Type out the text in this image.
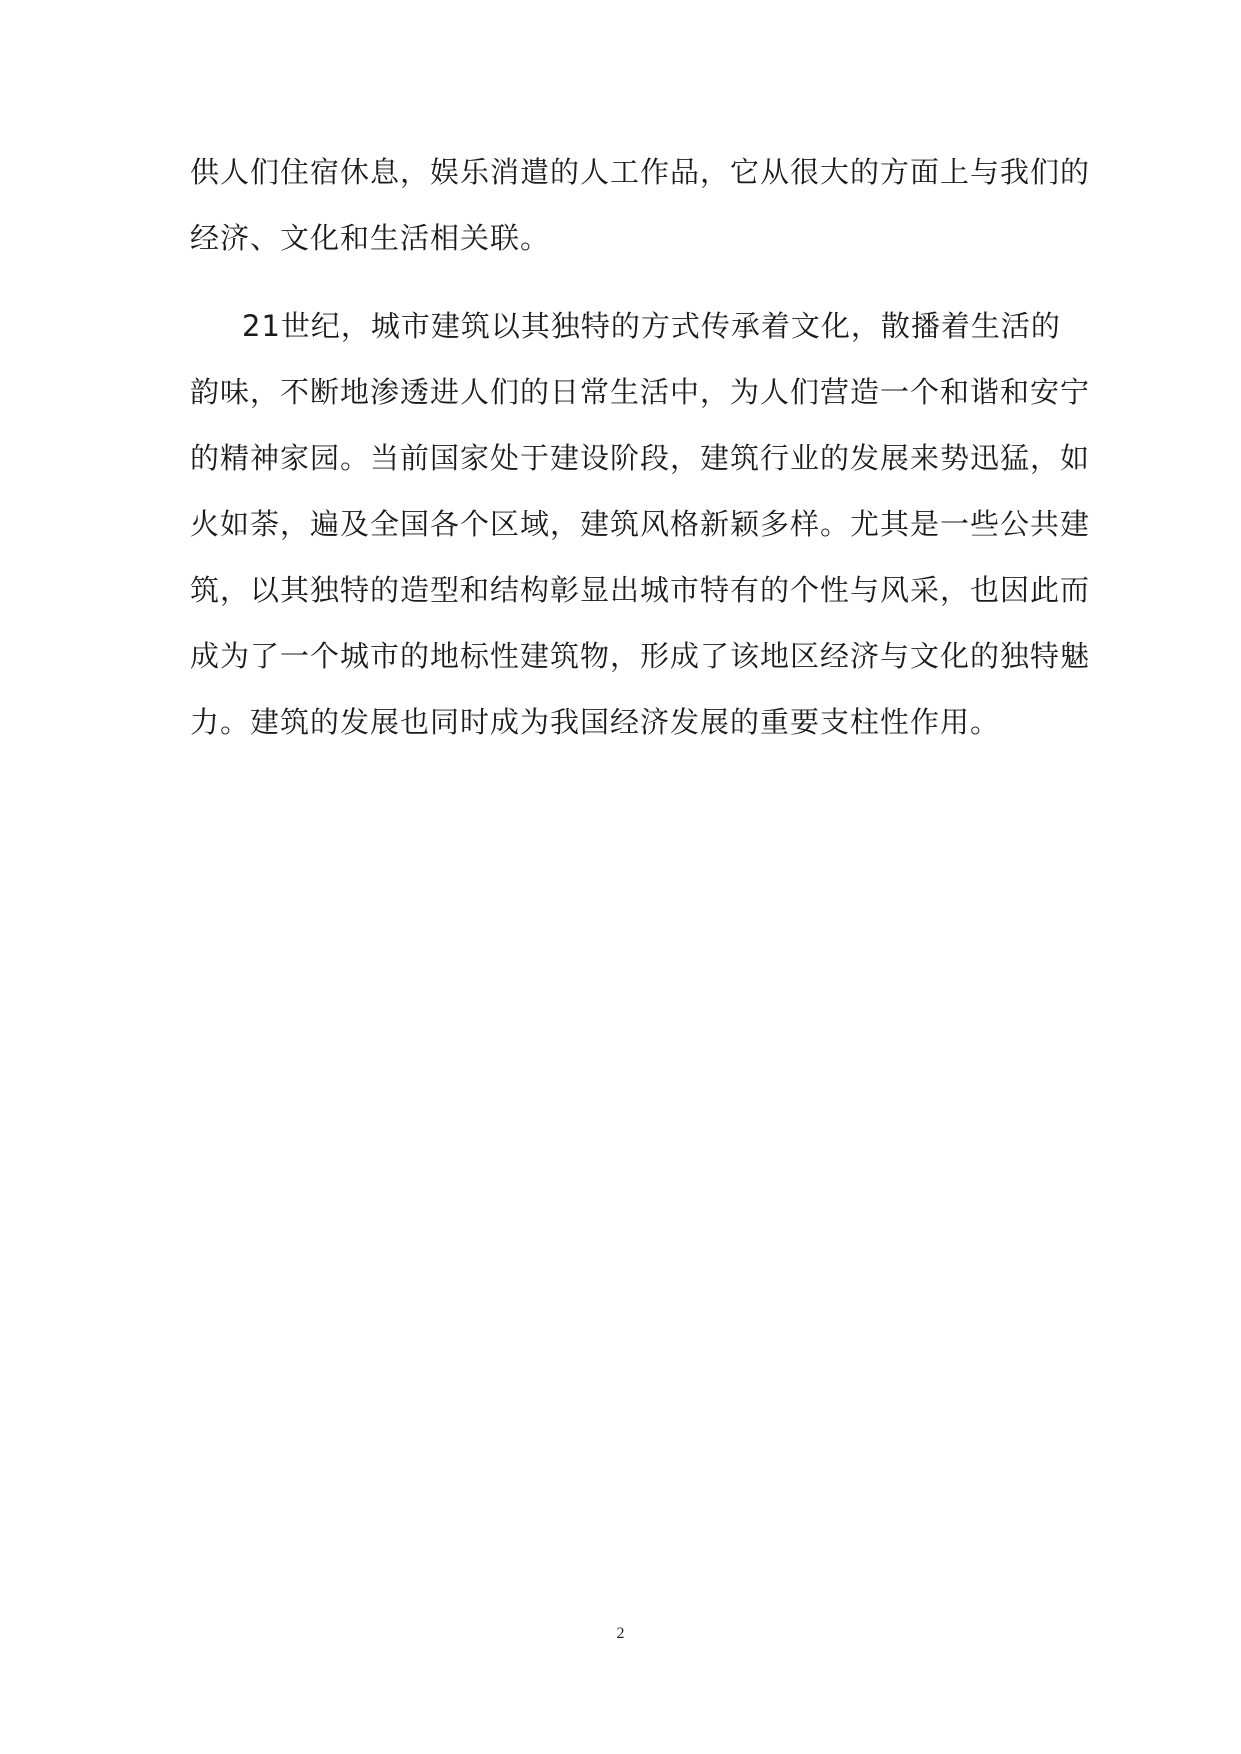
供人们住宿休息，娱乐消遣的人工作品，它从很大的方面上与我们的
经济、文化和生活相关联。
21世纪，城市建筑以其独特的方式传承着文化，散播着生活的
韵味，不断地渗透进人们的日常生活中，为人们营造一个和谐和安宁
的精神家园。当前国家处于建设阶段，建筑行业的发展来势迅猛，如
火如荼，遍及全国各个区域，建筑风格新颖多样。尤其是一些公共建
筑，以其独特的造型和结构彰显出城市特有的个性与风采，也因此而
成为了一个城市的地标性建筑物，形成了该地区经济与文化的独特魅
力。建筑的发展也同时成为我国经济发展的重要支柱性作用。
2
